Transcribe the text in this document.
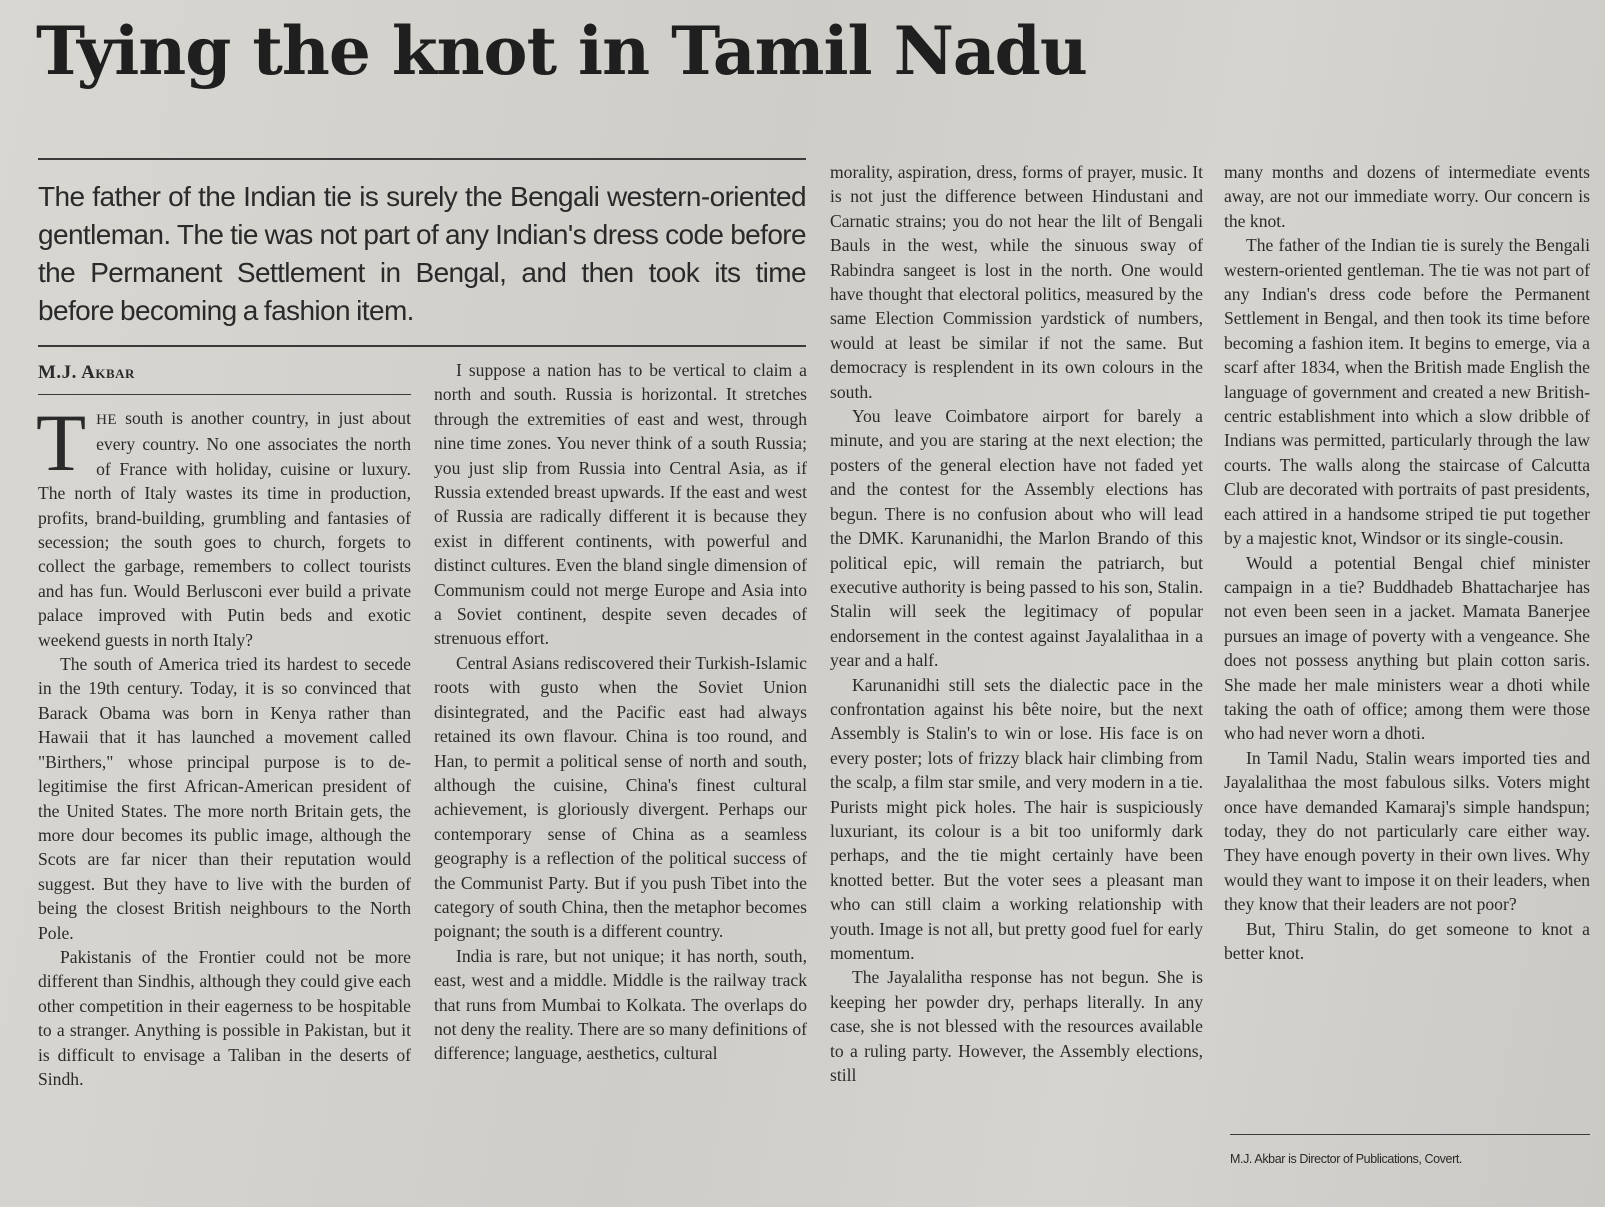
Tying the knot in Tamil Nadu
The father of the Indian tie is surely the Bengali western-oriented gentleman. The tie was not part of any Indian's dress code before the Permanent Settlement in Bengal, and then took its time before becoming a fashion item.
M.J. Akbar

THE south is another country, in just about every country. No one associates the north of France with holiday, cuisine or luxury. The north of Italy wastes its time in production, profits, brand-building, grumbling and fantasies of secession; the south goes to church, forgets to collect the garbage, remembers to collect tourists and has fun. Would Berlusconi ever build a private palace improved with Putin beds and exotic weekend guests in north Italy?

The south of America tried its hardest to secede in the 19th century. Today, it is so convinced that Barack Obama was born in Kenya rather than Hawaii that it has launched a movement called "Birthers," whose principal purpose is to de-legitimise the first African-American president of the United States. The more north Britain gets, the more dour becomes its public image, although the Scots are far nicer than their reputation would suggest. But they have to live with the burden of being the closest British neighbours to the North Pole.

Pakistanis of the Frontier could not be more different than Sindhis, although they could give each other competition in their eagerness to be hospitable to a stranger. Anything is possible in Pakistan, but it is difficult to envisage a Taliban in the deserts of Sindh.

I suppose a nation has to be vertical to claim a north and south. Russia is horizontal. It stretches through the extremities of east and west, through nine time zones. You never think of a south Russia; you just slip from Russia into Central Asia, as if Russia extended breast upwards. If the east and west of Russia are radically different it is because they exist in different continents, with powerful and distinct cultures. Even the bland single dimension of Communism could not merge Europe and Asia into a Soviet continent, despite seven decades of strenuous effort.

Central Asians rediscovered their Turkish-Islamic roots with gusto when the Soviet Union disintegrated, and the Pacific east had always retained its own flavour. China is too round, and Han, to permit a political sense of north and south, although the cuisine, China's finest cultural achievement, is gloriously divergent. Perhaps our contemporary sense of China as a seamless geography is a reflection of the political success of the Communist Party. But if you push Tibet into the category of south China, then the metaphor becomes poignant; the south is a different country.

India is rare, but not unique; it has north, south, east, west and a middle. Middle is the railway track that runs from Mumbai to Kolkata. The overlaps do not deny the reality. There are so many definitions of difference; language, aesthetics, cultural

morality, aspiration, dress, forms of prayer, music. It is not just the difference between Hindustani and Carnatic strains; you do not hear the lilt of Bengali Bauls in the west, while the sinuous sway of Rabindra sangeet is lost in the north. One would have thought that electoral politics, measured by the same Election Commission yardstick of numbers, would at least be similar if not the same. But democracy is resplendent in its own colours in the south.

You leave Coimbatore airport for barely a minute, and you are staring at the next election; the posters of the general election have not faded yet and the contest for the Assembly elections has begun. There is no confusion about who will lead the DMK. Karunanidhi, the Marlon Brando of this political epic, will remain the patriarch, but executive authority is being passed to his son, Stalin. Stalin will seek the legitimacy of popular endorsement in the contest against Jayalalithaa in a year and a half.

Karunanidhi still sets the dialectic pace in the confrontation against his bête noire, but the next Assembly is Stalin's to win or lose. His face is on every poster; lots of frizzy black hair climbing from the scalp, a film star smile, and very modern in a tie. Purists might pick holes. The hair is suspiciously luxuriant, its colour is a bit too uniformly dark perhaps, and the tie might certainly have been knotted better. But the voter sees a pleasant man who can still claim a working relationship with youth. Image is not all, but pretty good fuel for early momentum.

The Jayalalitha response has not begun. She is keeping her powder dry, perhaps literally. In any case, she is not blessed with the resources available to a ruling party. However, the Assembly elections, still

many months and dozens of intermediate events away, are not our immediate worry. Our concern is the knot.

The father of the Indian tie is surely the Bengali western-oriented gentleman. The tie was not part of any Indian's dress code before the Permanent Settlement in Bengal, and then took its time before becoming a fashion item. It begins to emerge, via a scarf after 1834, when the British made English the language of government and created a new British-centric establishment into which a slow dribble of Indians was permitted, particularly through the law courts. The walls along the staircase of Calcutta Club are decorated with portraits of past presidents, each attired in a handsome striped tie put together by a majestic knot, Windsor or its single-cousin.

Would a potential Bengal chief minister campaign in a tie? Buddhadeb Bhattacharjee has not even been seen in a jacket. Mamata Banerjee pursues an image of poverty with a vengeance. She does not possess anything but plain cotton saris. She made her male ministers wear a dhoti while taking the oath of office; among them were those who had never worn a dhoti.

In Tamil Nadu, Stalin wears imported ties and Jayalalithaa the most fabulous silks. Voters might once have demanded Kamaraj's simple handspun; today, they do not particularly care either way. They have enough poverty in their own lives. Why would they want to impose it on their leaders, when they know that their leaders are not poor?

But, Thiru Stalin, do get someone to knot a better knot.

M.J. Akbar is Director of Publications, Covert.
